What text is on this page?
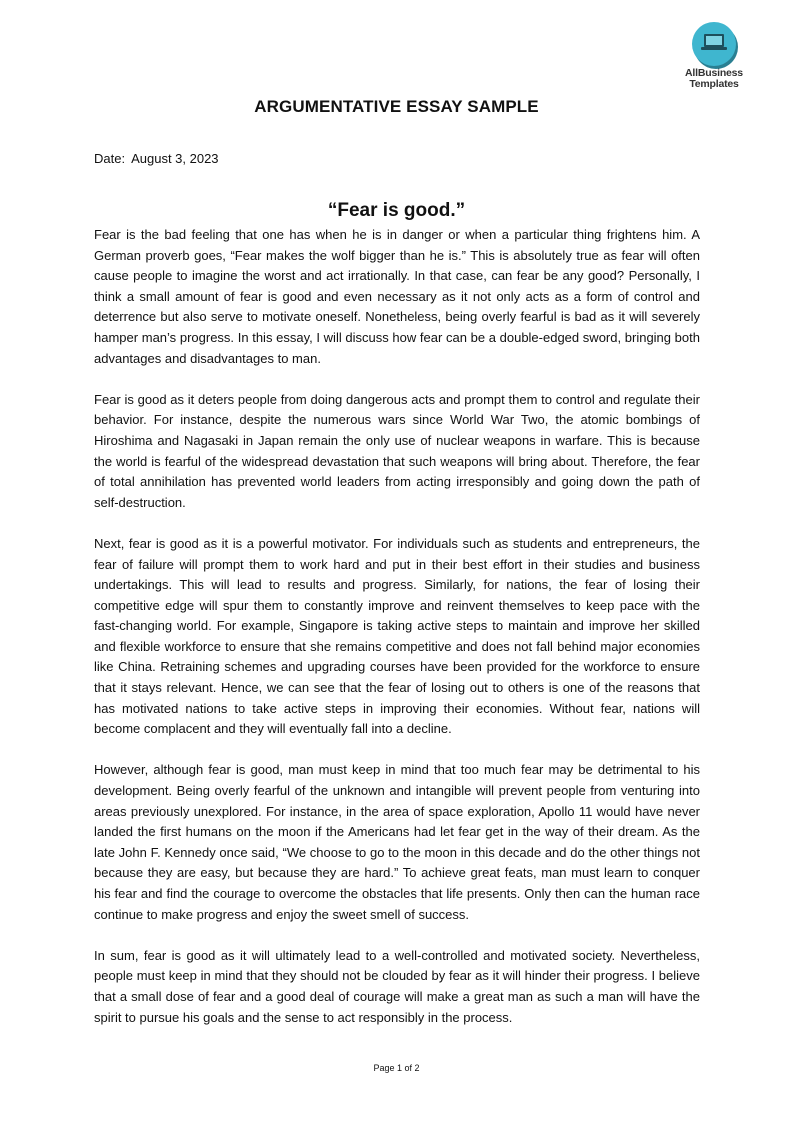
AllBusiness
Templates
ARGUMENTATIVE ESSAY SAMPLE
Date: August 3, 2023
“Fear is good.”

Fear is the bad feeling that one has when he is in danger or when a particular thing frightens him. A German proverb goes, “Fear makes the wolf bigger than he is.” This is absolutely true as fear will often cause people to imagine the worst and act irrationally. In that case, can fear be any good? Personally, I think a small amount of fear is good and even necessary as it not only acts as a form of control and deterrence but also serve to motivate oneself. Nonetheless, being overly fearful is bad as it will severely hamper man’s progress. In this essay, I will discuss how fear can be a double-edged sword, bringing both advantages and disadvantages to man.

Fear is good as it deters people from doing dangerous acts and prompt them to control and regulate their behavior. For instance, despite the numerous wars since World War Two, the atomic bombings of Hiroshima and Nagasaki in Japan remain the only use of nuclear weapons in warfare. This is because the world is fearful of the widespread devastation that such weapons will bring about. Therefore, the fear of total annihilation has prevented world leaders from acting irresponsibly and going down the path of self-destruction.

Next, fear is good as it is a powerful motivator. For individuals such as students and entrepreneurs, the fear of failure will prompt them to work hard and put in their best effort in their studies and business undertakings. This will lead to results and progress. Similarly, for nations, the fear of losing their competitive edge will spur them to constantly improve and reinvent themselves to keep pace with the fast-changing world. For example, Singapore is taking active steps to maintain and improve her skilled and flexible workforce to ensure that she remains competitive and does not fall behind major economies like China. Retraining schemes and upgrading courses have been provided for the workforce to ensure that it stays relevant. Hence, we can see that the fear of losing out to others is one of the reasons that has motivated nations to take active steps in improving their economies. Without fear, nations will become complacent and they will eventually fall into a decline.

However, although fear is good, man must keep in mind that too much fear may be detrimental to his development. Being overly fearful of the unknown and intangible will prevent people from venturing into areas previously unexplored. For instance, in the area of space exploration, Apollo 11 would have never landed the first humans on the moon if the Americans had let fear get in the way of their dream. As the late John F. Kennedy once said, “We choose to go to the moon in this decade and do the other things not because they are easy, but because they are hard.” To achieve great feats, man must learn to conquer his fear and find the courage to overcome the obstacles that life presents. Only then can the human race continue to make progress and enjoy the sweet smell of success.

In sum, fear is good as it will ultimately lead to a well-controlled and motivated society. Nevertheless, people must keep in mind that they should not be clouded by fear as it will hinder their progress. I believe that a small dose of fear and a good deal of courage will make a great man as such a man will have the spirit to pursue his goals and the sense to act responsibly in the process.

Page 1 of 2
